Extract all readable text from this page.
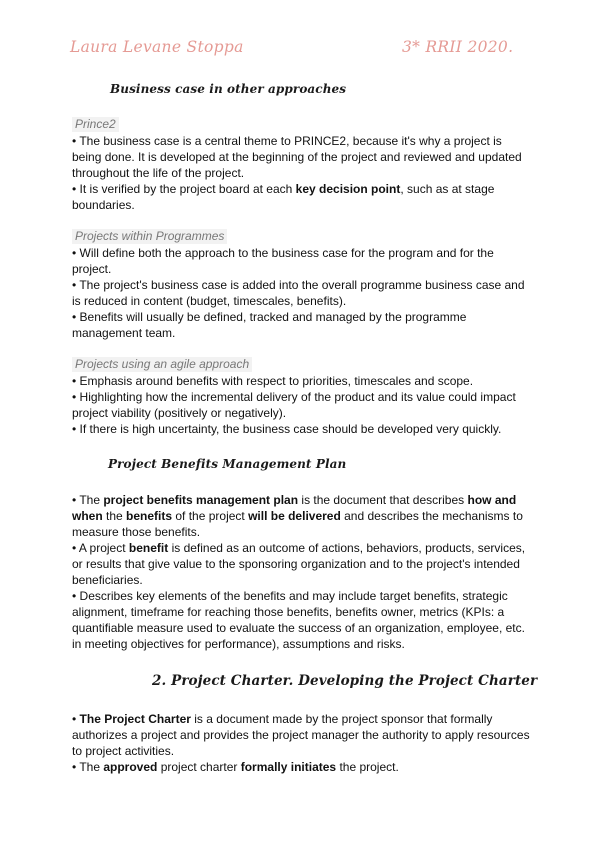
Laura Levane Stoppa	3* RRII 2020.
Business case in other approaches
Prince2

• The business case is a central theme to PRINCE2, because it's why a project is being done. It is developed at the beginning of the project and reviewed and updated throughout the life of the project.

• It is verified by the project board at each key decision point, such as at stage boundaries.

Projects within Programmes

• Will define both the approach to the business case for the program and for the project.

• The project's business case is added into the overall programme business case and is reduced in content (budget, timescales, benefits).

• Benefits will usually be defined, tracked and managed by the programme management team.

Projects using an agile approach

• Emphasis around benefits with respect to priorities, timescales and scope.

• Highlighting how the incremental delivery of the product and its value could impact project viability (positively or negatively).

• If there is high uncertainty, the business case should be developed very quickly.

Project Benefits Management Plan

• The project benefits management plan is the document that describes how and when the benefits of the project will be delivered and describes the mechanisms to measure those benefits.

• A project benefit is defined as an outcome of actions, behaviors, products, services, or results that give value to the sponsoring organization and to the project's intended beneficiaries.

• Describes key elements of the benefits and may include target benefits, strategic alignment, timeframe for reaching those benefits, benefits owner, metrics (KPIs: a quantifiable measure used to evaluate the success of an organization, employee, etc. in meeting objectives for performance), assumptions and risks.

2. Project Charter. Developing the Project Charter

• The Project Charter is a document made by the project sponsor that formally authorizes a project and provides the project manager the authority to apply resources to project activities.

• The approved project charter formally initiates the project.
